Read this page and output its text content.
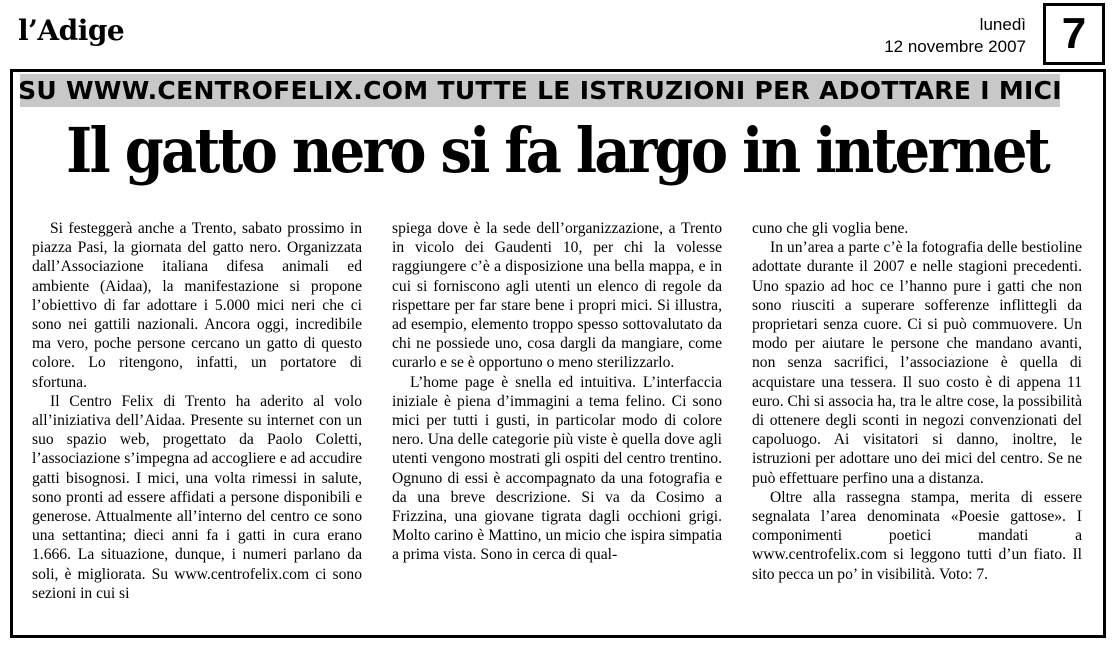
l’Adige	lunedì
12 novembre 2007 7
SU WWW.CENTROFELIX.COM TUTTE LE ISTRUZIONI PER ADOTTARE I MICI
Il gatto nero si fa largo in internet

Si festeggerà anche a Trento, sabato prossimo in piazza Pasi, la giornata del gatto nero. Organizzata dall’Associazione italiana difesa animali ed ambiente (Aidaa), la manifestazione si propone l’obiettivo di far adottare i 5.000 mici neri che ci sono nei gattili nazionali. Ancora oggi, incredibile ma vero, poche persone cercano un gatto di questo colore. Lo ritengono, infatti, un portatore di sfortuna.

Il Centro Felix di Trento ha aderito al volo all’iniziativa dell’Aidaa. Presente su internet con un suo spazio web, progettato da Paolo Coletti, l’associazione s’impegna ad accogliere e ad accudire gatti bisognosi. I mici, una volta rimessi in salute, sono pronti ad essere affidati a persone disponibili e generose. Attualmente all’interno del centro ce sono una settantina; dieci anni fa i gatti in cura erano 1.666. La situazione, dunque, i numeri parlano da soli, è migliorata. Su www.centrofelix.com ci sono sezioni in cui si

spiega dove è la sede dell’organizzazione, a Trento in vicolo dei Gaudenti 10, per chi la volesse raggiungere c’è a disposizione una bella mappa, e in cui si forniscono agli utenti un elenco di regole da rispettare per far stare bene i propri mici. Si illustra, ad esempio, elemento troppo spesso sottovalutato da chi ne possiede uno, cosa dargli da mangiare, come curarlo e se è opportuno o meno sterilizzarlo.

L’home page è snella ed intuitiva. L’interfaccia iniziale è piena d’immagini a tema felino. Ci sono mici per tutti i gusti, in particolar modo di colore nero. Una delle categorie più viste è quella dove agli utenti vengono mostrati gli ospiti del centro trentino. Ognuno di essi è accompagnato da una fotografia e da una breve descrizione. Si va da Cosimo a Frizzina, una giovane tigrata dagli occhioni grigi. Molto carino è Mattino, un micio che ispira simpatia a prima vista. Sono in cerca di qual-

cuno che gli voglia bene.

In un’area a parte c’è la fotografia delle bestioline adottate durante il 2007 e nelle stagioni precedenti. Uno spazio ad hoc ce l’hanno pure i gatti che non sono riusciti a superare sofferenze inflittegli da proprietari senza cuore. Ci si può commuovere. Un modo per aiutare le persone che mandano avanti, non senza sacrifici, l’associazione è quella di acquistare una tessera. Il suo costo è di appena 11 euro. Chi si associa ha, tra le altre cose, la possibilità di ottenere degli sconti in negozi convenzionati del capoluogo. Ai visitatori si danno, inoltre, le istruzioni per adottare uno dei mici del centro. Se ne può effettuare perfino una a distanza.

Oltre alla rassegna stampa, merita di essere segnalata l’area denominata «Poesie gattose». I componimenti poetici mandati a www.centrofelix.com si leggono tutti d’un fiato. Il sito pecca un po’ in visibilità. Voto: 7.
